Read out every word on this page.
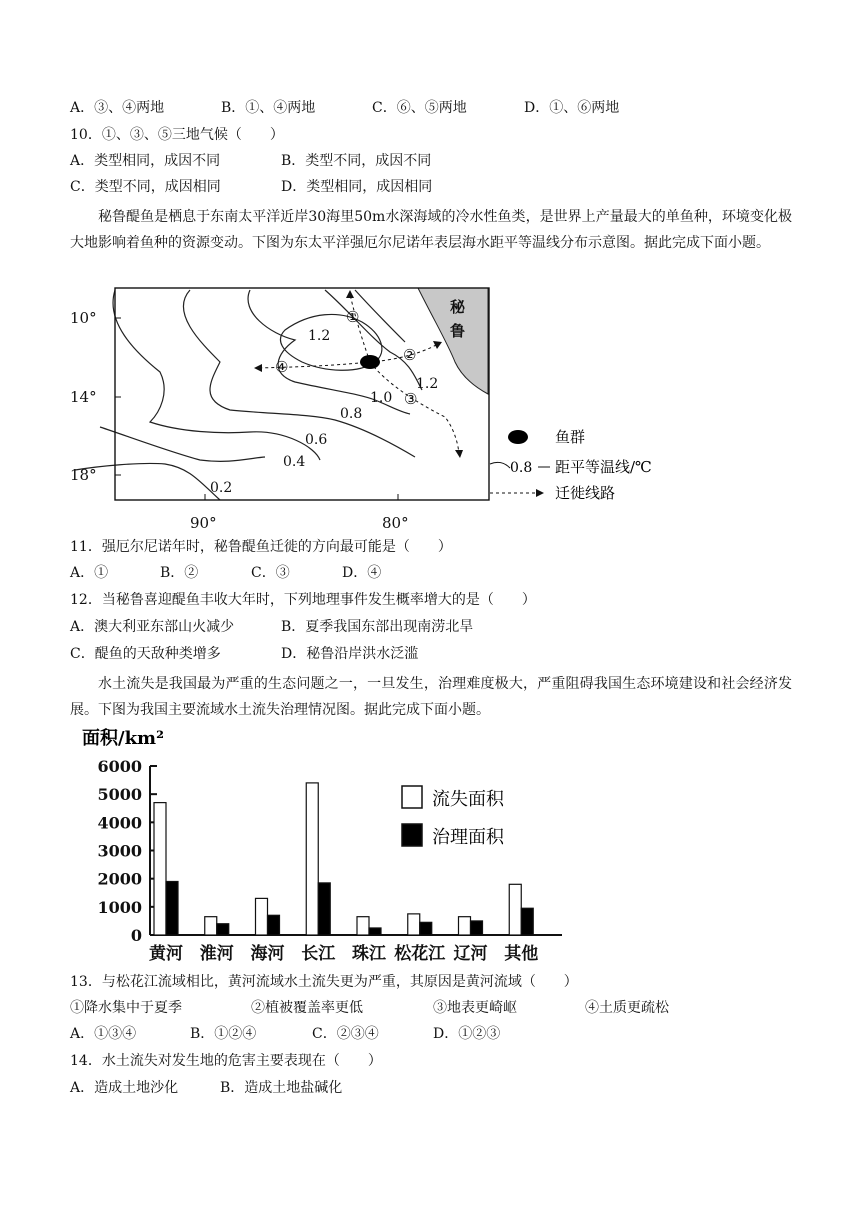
A．③、④两地	B．①、④两地	C．⑥、⑤两地	D．①、⑥两地
10．①、③、⑤三地气候（　　）
A．类型相同，成因不同	B．类型不同，成因不同
C．类型不同，成因相同	D．类型相同，成因相同
秘鲁醍鱼是栖息于东南太平洋近岸30海里50m水深海域的冷水性鱼类，是世界上产量最大的单鱼种，环境变化极大地影响着鱼种的资源变动。下图为东太平洋强厄尔尼诺年表层海水距平等温线分布示意图。据此完成下面小题。
10°
14°
18°
90°	80°
秘
鲁
1.2
1.2
1.0
0.8
0.6
0.4
0.2
①
②
③
④
鱼群
0.8 距平等温线/℃
迁徙线路
11．强厄尔尼诺年时，秘鲁醍鱼迁徙的方向最可能是（　　）
A．①	B．②	C．③	D．④
12．当秘鲁喜迎醍鱼丰收大年时，下列地理事件发生概率增大的是（　　）
A．澳大利亚东部山火减少	B．夏季我国东部出现南涝北旱
C．醍鱼的天敌种类增多	D．秘鲁沿岸洪水泛滥
水土流失是我国最为严重的生态问题之一，一旦发生，治理难度极大，严重阻碍我国生态环境建设和社会经济发展。下图为我国主要流域水土流失治理情况图。据此完成下面小题。
面积/km²
0
1000
2000
3000
4000
5000
6000
黄河 淮河 海河 长江 珠江 松花江 辽河 其他
流失面积
治理面积
13．与松花江流域相比，黄河流域水土流失更为严重，其原因是黄河流域（　　）
①降水集中于夏季	②植被覆盖率更低	③地表更崎岖	④土质更疏松
A．①③④	B．①②④	C．②③④	D．①②③
14．水土流失对发生地的危害主要表现在（　　）
A．造成土地沙化	B．造成土地盐碱化
